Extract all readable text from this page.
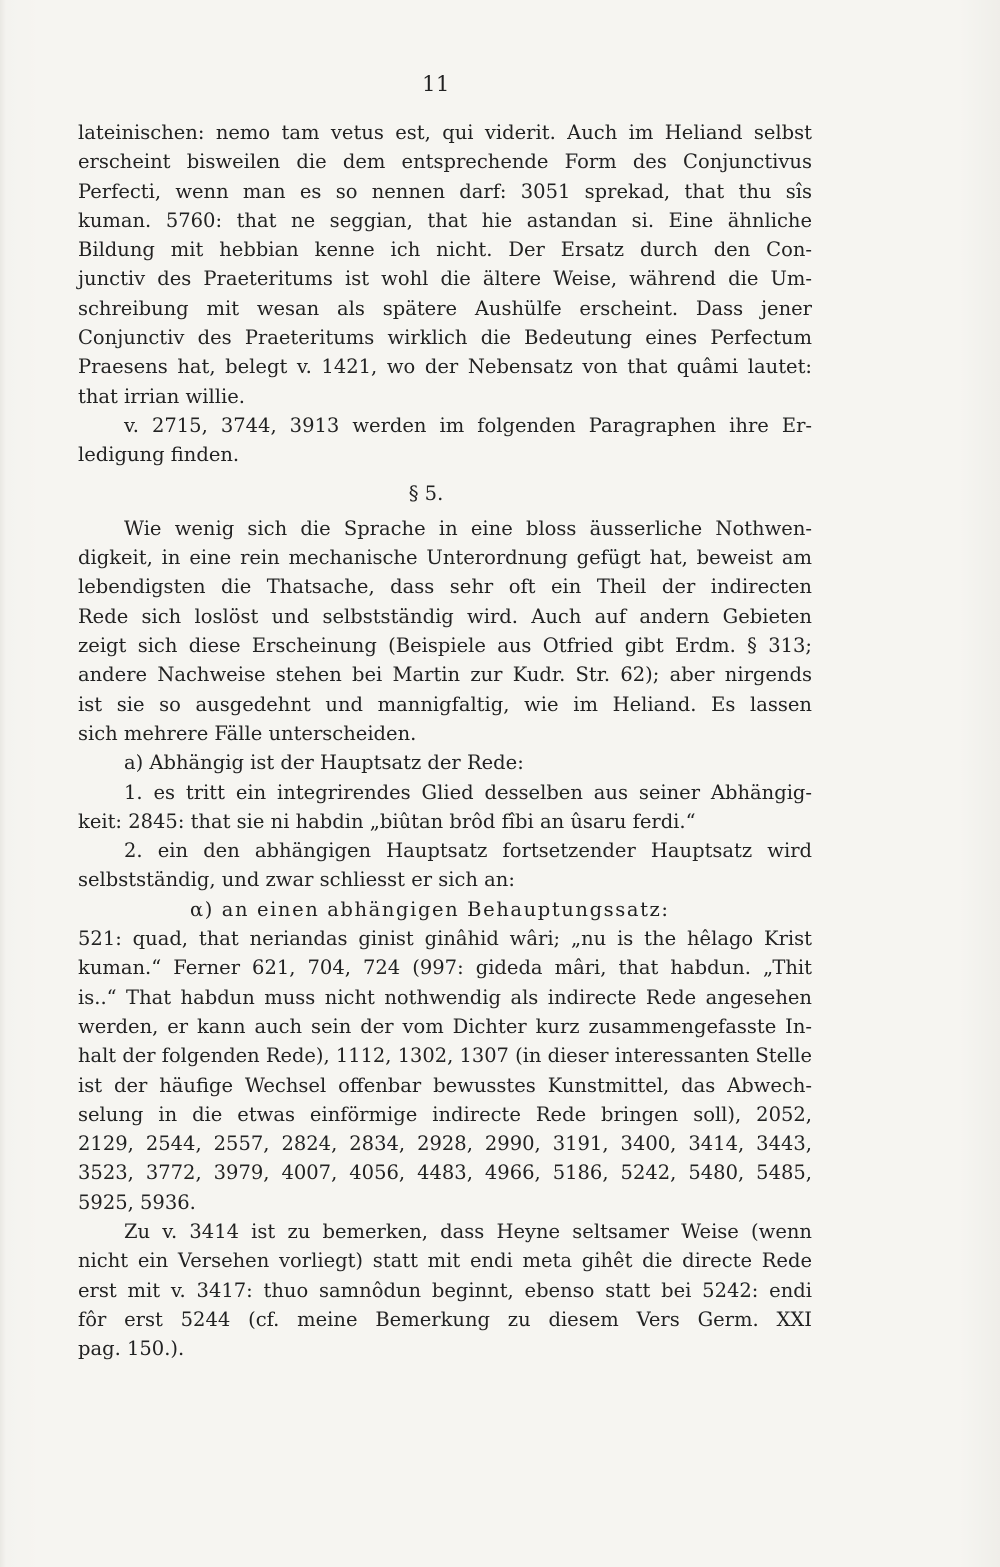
11
lateinischen: nemo tam vetus est, qui viderit. Auch im Heliand selbst
erscheint bisweilen die dem entsprechende Form des Conjunctivus
Perfecti, wenn man es so nennen darf: 3051 sprekad, that thu sîs
kuman. 5760: that ne seggian, that hie astandan si. Eine ähnliche
Bildung mit hebbian kenne ich nicht. Der Ersatz durch den Con-
junctiv des Praeteritums ist wohl die ältere Weise, während die Um-
schreibung mit wesan als spätere Aushülfe erscheint. Dass jener
Conjunctiv des Praeteritums wirklich die Bedeutung eines Perfectum
Praesens hat, belegt v. 1421, wo der Nebensatz von that quâmi lautet:
that irrian willie.
v. 2715, 3744, 3913 werden im folgenden Paragraphen ihre Er-
ledigung finden.
§ 5.
Wie wenig sich die Sprache in eine bloss äusserliche Nothwen-
digkeit, in eine rein mechanische Unterordnung gefügt hat, beweist am
lebendigsten die Thatsache, dass sehr oft ein Theil der indirecten
Rede sich loslöst und selbstständig wird. Auch auf andern Gebieten
zeigt sich diese Erscheinung (Beispiele aus Otfried gibt Erdm. § 313;
andere Nachweise stehen bei Martin zur Kudr. Str. 62); aber nirgends
ist sie so ausgedehnt und mannigfaltig, wie im Heliand. Es lassen
sich mehrere Fälle unterscheiden.
a) Abhängig ist der Hauptsatz der Rede:
1. es tritt ein integrirendes Glied desselben aus seiner Abhängig-
keit: 2845: that sie ni habdin „biûtan brôd fîbi an ûsaru ferdi.“
2. ein den abhängigen Hauptsatz fortsetzender Hauptsatz wird
selbstständig, und zwar schliesst er sich an:
α) an einen abhängigen Behauptungssatz:
521: quad, that neriandas ginist ginâhid wâri; „nu is the hêlago Krist
kuman.“ Ferner 621, 704, 724 (997: gideda mâri, that habdun. „Thit
is..“ That habdun muss nicht nothwendig als indirecte Rede angesehen
werden, er kann auch sein der vom Dichter kurz zusammengefasste In-
halt der folgenden Rede), 1112, 1302, 1307 (in dieser interessanten Stelle
ist der häufige Wechsel offenbar bewusstes Kunstmittel, das Abwech-
selung in die etwas einförmige indirecte Rede bringen soll), 2052,
2129, 2544, 2557, 2824, 2834, 2928, 2990, 3191, 3400, 3414, 3443,
3523, 3772, 3979, 4007, 4056, 4483, 4966, 5186, 5242, 5480, 5485,
5925, 5936.
Zu v. 3414 ist zu bemerken, dass Heyne seltsamer Weise (wenn
nicht ein Versehen vorliegt) statt mit endi meta gihêt die directe Rede
erst mit v. 3417: thuo samnôdun beginnt, ebenso statt bei 5242: endi
fôr erst 5244 (cf. meine Bemerkung zu diesem Vers Germ. XXI
pag. 150.).
